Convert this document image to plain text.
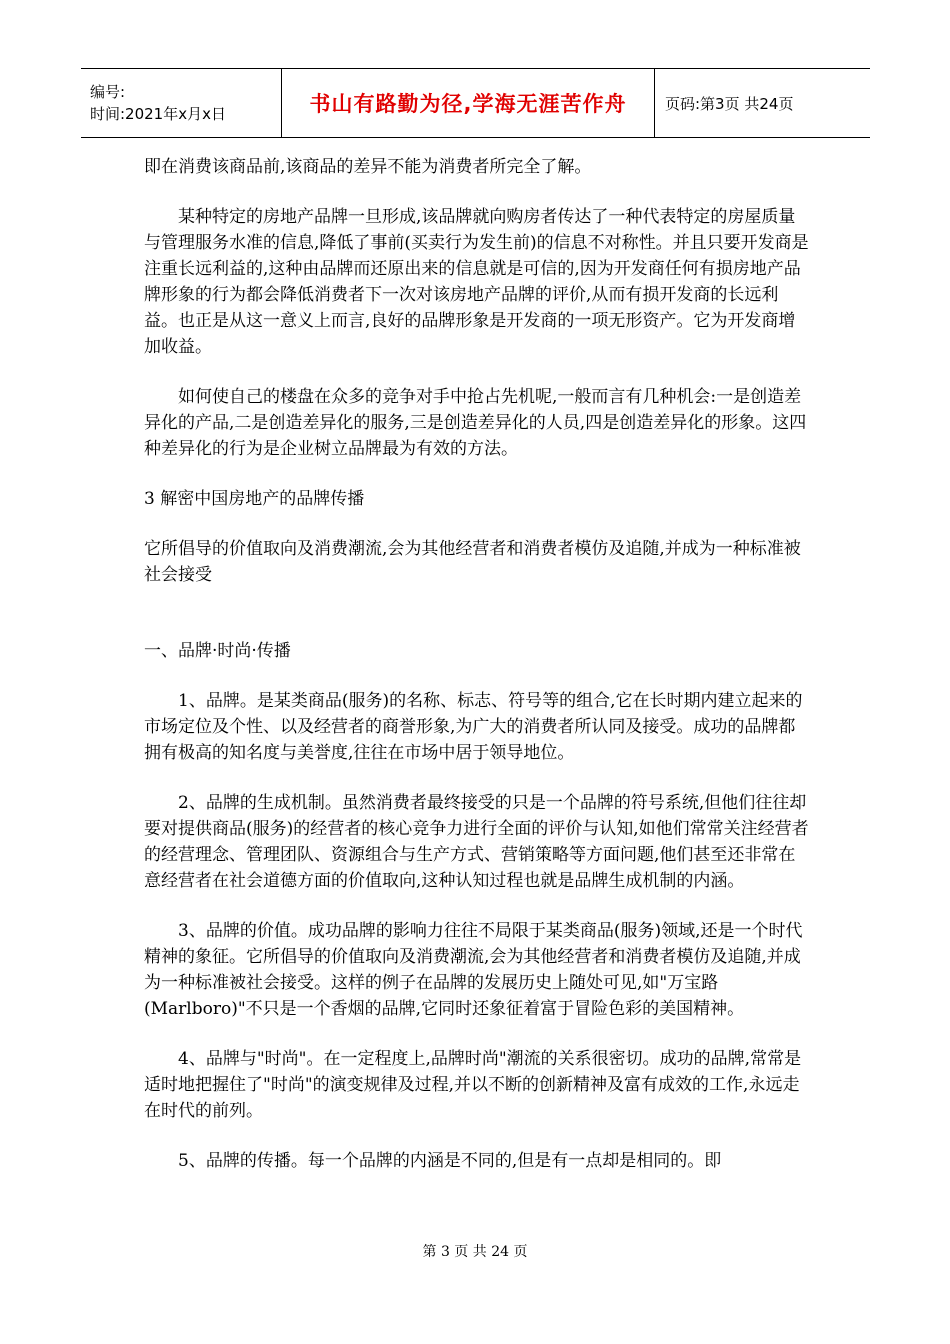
编号:
时间:2021年x月x日	书山有路勤为径,学海无涯苦作舟	页码:第3页 共24页

即在消费该商品前,该商品的差异不能为消费者所完全了解。

某种特定的房地产品牌一旦形成,该品牌就向购房者传达了一种代表特定的房屋质量与管理服务水准的信息,降低了事前(买卖行为发生前)的信息不对称性。并且只要开发商是注重长远利益的,这种由品牌而还原出来的信息就是可信的,因为开发商任何有损房地产品牌形象的行为都会降低消费者下一次对该房地产品牌的评价,从而有损开发商的长远利益。也正是从这一意义上而言,良好的品牌形象是开发商的一项无形资产。它为开发商增加收益。

如何使自己的楼盘在众多的竞争对手中抢占先机呢,一般而言有几种机会:一是创造差异化的产品,二是创造差异化的服务,三是创造差异化的人员,四是创造差异化的形象。这四种差异化的行为是企业树立品牌最为有效的方法。

3 解密中国房地产的品牌传播

它所倡导的价值取向及消费潮流,会为其他经营者和消费者模仿及追随,并成为一种标准被社会接受

一、品牌·时尚·传播

1、品牌。是某类商品(服务)的名称、标志、符号等的组合,它在长时期内建立起来的市场定位及个性、以及经营者的商誉形象,为广大的消费者所认同及接受。成功的品牌都拥有极高的知名度与美誉度,往往在市场中居于领导地位。

2、品牌的生成机制。虽然消费者最终接受的只是一个品牌的符号系统,但他们往往却要对提供商品(服务)的经营者的核心竞争力进行全面的评价与认知,如他们常常关注经营者的经营理念、管理团队、资源组合与生产方式、营销策略等方面问题,他们甚至还非常在意经营者在社会道德方面的价值取向,这种认知过程也就是品牌生成机制的内涵。

3、品牌的价值。成功品牌的影响力往往不局限于某类商品(服务)领域,还是一个时代精神的象征。它所倡导的价值取向及消费潮流,会为其他经营者和消费者模仿及追随,并成为一种标准被社会接受。这样的例子在品牌的发展历史上随处可见,如"万宝路(Marlboro)"不只是一个香烟的品牌,它同时还象征着富于冒险色彩的美国精神。

4、品牌与"时尚"。在一定程度上,品牌时尚"潮流的关系很密切。成功的品牌,常常是适时地把握住了"时尚"的演变规律及过程,并以不断的创新精神及富有成效的工作,永远走在时代的前列。

5、品牌的传播。每一个品牌的内涵是不同的,但是有一点却是相同的。即

第 3 页 共 24 页
